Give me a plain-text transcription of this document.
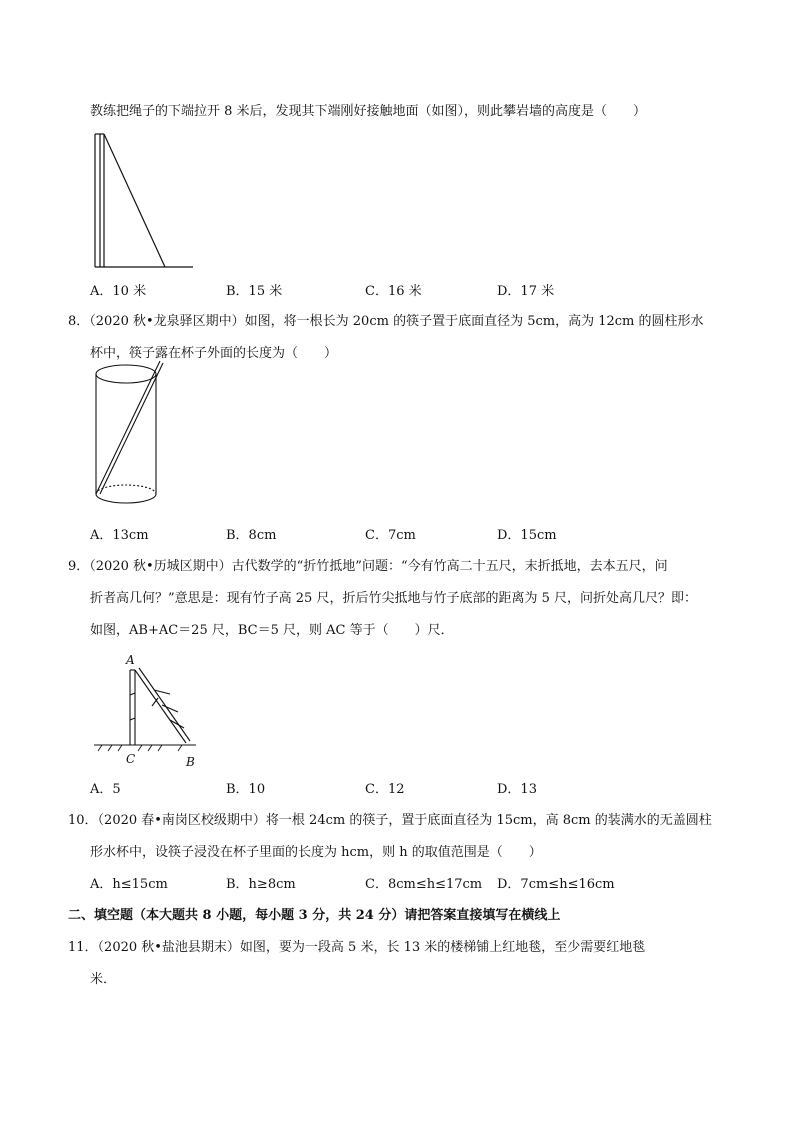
教练把绳子的下端拉开 8 米后，发现其下端刚好接触地面（如图），则此攀岩墙的高度是（　　）
A．10 米	B．15 米	C．16 米	D．17 米
8．（2020 秋•龙泉驿区期中）如图，将一根长为 20cm 的筷子置于底面直径为 5cm，高为 12cm 的圆柱形水
杯中，筷子露在杯子外面的长度为（　　）
A．13cm	B．8cm	C．7cm	D．15cm
9．（2020 秋•历城区期中）古代数学的“折竹抵地”问题：“今有竹高二十五尺，末折抵地，去本五尺，问
折者高几何？”意思是：现有竹子高 25 尺，折后竹尖抵地与竹子底部的距离为 5 尺，问折处高几尺？即：
如图，AB+AC＝25 尺，BC＝5 尺，则 AC 等于（　　）尺．
A
C	B
A．5	B．10	C．12	D．13
10．（2020 春•南岗区校级期中）将一根 24cm 的筷子，置于底面直径为 15cm，高 8cm 的装满水的无盖圆柱
形水杯中，设筷子浸没在杯子里面的长度为 hcm，则 h 的取值范围是（　　）
A．h≤15cm	B．h≥8cm	C．8cm≤h≤17cm D．7cm≤h≤16cm
二、填空题（本大题共 8 小题，每小题 3 分，共 24 分）请把答案直接填写在横线上
11．（2020 秋•盐池县期末）如图，要为一段高 5 米，长 13 米的楼梯铺上红地毯，至少需要红地毯
米．
